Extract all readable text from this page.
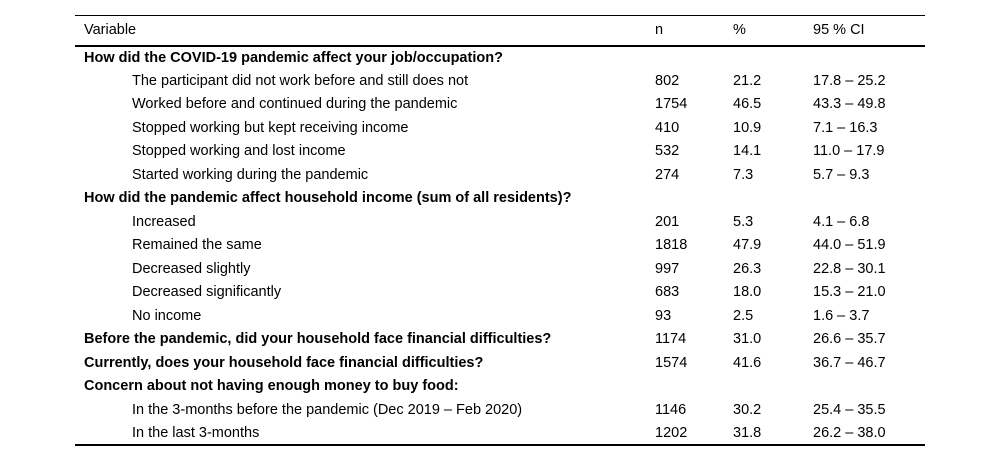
Variable	n	%	95 % CI
How did the COVID-19 pandemic affect your job/occupation?			
The participant did not work before and still does not	802	21.2	17.8 – 25.2
Worked before and continued during the pandemic	1754	46.5	43.3 – 49.8
Stopped working but kept receiving income	410	10.9	7.1 – 16.3
Stopped working and lost income	532	14.1	11.0 – 17.9
Started working during the pandemic	274	7.3	5.7 – 9.3
How did the pandemic affect household income (sum of all residents)?			
Increased	201	5.3	4.1 – 6.8
Remained the same	1818	47.9	44.0 – 51.9
Decreased slightly	997	26.3	22.8 – 30.1
Decreased significantly	683	18.0	15.3 – 21.0
No income	93	2.5	1.6 – 3.7
Before the pandemic, did your household face financial difficulties?	1174	31.0	26.6 – 35.7
Currently, does your household face financial difficulties?	1574	41.6	36.7 – 46.7
Concern about not having enough money to buy food:			
In the 3-months before the pandemic (Dec 2019 – Feb 2020)	1146	30.2	25.4 – 35.5
In the last 3-months	1202	31.8	26.2 – 38.0
